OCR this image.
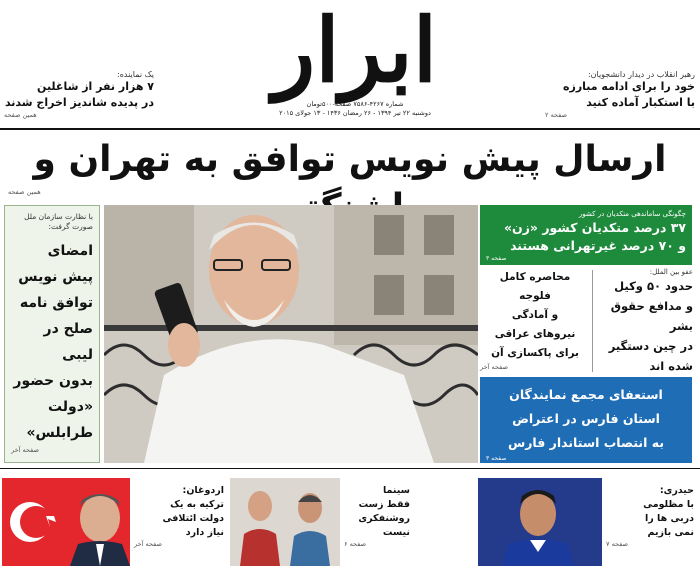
یک نماینده:
۷ هزار نفر از شاغلین
در پدیده شاندیز اخراج شدند
همین صفحه
ابرار
شماره ۴۲۶۷-۷۵۸۶ صفحه-۵۰۰تومان
دوشنبه ۲۲ تیر ۱۳۹۴ - ۲۶ رمضان ۱۴۳۶ - ۱۳ جولای ۲۰۱۵
رهبر انقلاب در دیدار دانشجویان:
خود را برای ادامه مبارزه
با استکبار آماده کنید
صفحه ۲
ارسال پیش نویس توافق به تهران و
همین صفحه
با نظارت سازمان ملل صورت گرفت:
امضای
پیش نویس
توافق نامه
صلح در لیبی
بدون حضور
«دولت
طرابلس»
صفحه آخر
چگونگی ساماندهی متکدیان در کشور
۳۷ درصد متکدیان کشور «زن»
و ۷۰ درصد غیرتهرانی هستند
صفحه ۳
عفو بین الملل:
حدود ۵۰ وکیل
و مدافع حقوق بشر
در چین دستگیر
شده اند
محاصره کامل
فلوجه
و آمادگی
نیروهای عراقی
برای پاکسازی آن
صفحه آخر
استعفای مجمع نمایندگان
استان فارس در اعتراض
به انتصاب استاندار فارس
صفحه ۳
اردوغان:
ترکیه به یک
دولت ائتلافی
نیاز دارد
صفحه آخر
سینما
فقط زست
روشنفکری
نیست
صفحه ۶
حیدری:
با مظلومی
دربی ها را
نمی بازیم
صفحه ۷
